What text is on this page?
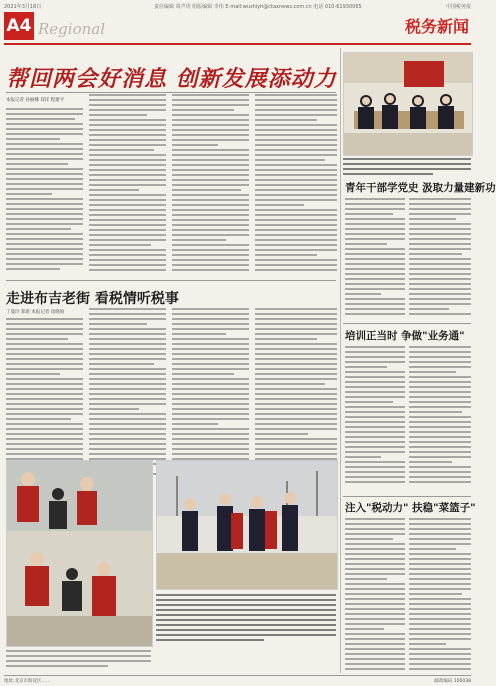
2021年3月16日	责任编辑 周声玥 组版编辑 李伟 E-mail:wushiyh@ctaxnews.com.cn 电话 010-61930065	中国税务报
A4 Regional	税务新闻
帮回两会好消息 创新发展添动力
本报记者 孙丽娜 郑洋 程建平
青年干部学党史 汲取力量建新功
培训正当时 争做"业务通"
注入"税动力" 扶稳"菜篮子"
走进布吉老街 看税情听税事
丁曼玲 郑新 本报记者 徐晓娟
地址:北京市海淀区……	邮政编码 100038
